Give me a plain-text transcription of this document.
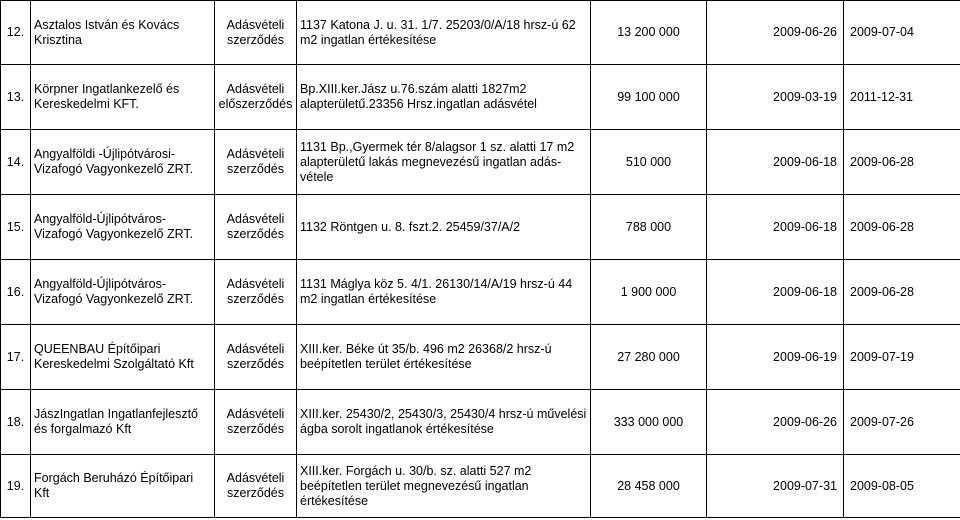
12.	Asztalos István és Kovács
Krisztina	Adásvételi
szerződés	1137 Katona J. u. 31. 1/7. 25203/0/A/18 hrsz-ú 62
m2 ingatlan értékesítése	13 200 000	2009-06-26	2009-07-04
13.	Körpner Ingatlankezelő és
Kereskedelmi KFT.	Adásvételi
előszerződés	Bp.XIII.ker.Jász u.76.szám alatti 1827m2
alapterületű.23356 Hrsz.ingatlan adásvétel	99 100 000	2009-03-19	2011-12-31
14.	Angyalföldi -Újlipótvárosi-
Vizafogó Vagyonkezelő ZRT.	Adásvételi
szerződés	1131 Bp.,Gyermek tér 8/alagsor 1 sz. alatti 17 m2
alapterületű lakás megnevezésű ingatlan adás-vétele	510 000	2009-06-18	2009-06-28
15.	Angyalföld-Újlipótváros-
Vizafogó Vagyonkezelő ZRT.	Adásvételi
szerződés	1132 Röntgen u. 8. fszt.2. 25459/37/A/2	788 000	2009-06-18	2009-06-28
16.	Angyalföld-Újlipótváros-
Vizafogó Vagyonkezelő ZRT.	Adásvételi
szerződés	1131 Máglya köz 5. 4/1. 26130/14/A/19 hrsz-ú 44
m2 ingatlan értékesítése	1 900 000	2009-06-18	2009-06-28
17.	QUEENBAU Építőipari
Kereskedelmi Szolgáltató Kft	Adásvételi
szerződés	XIII.ker. Béke út 35/b. 496 m2 26368/2 hrsz-ú
beépítetlen terület értékesítése	27 280 000	2009-06-19	2009-07-19
18.	JászIngatlan Ingatlanfejlesztő
és forgalmazó Kft	Adásvételi
szerződés	XIII.ker. 25430/2, 25430/3, 25430/4 hrsz-ú művelési
ágba sorolt ingatlanok értékesítése	333 000 000	2009-06-26	2009-07-26
19.	Forgách Beruházó Építőipari
Kft	Adásvételi
szerződés	XIII.ker. Forgách u. 30/b. sz. alatti 527 m2
beépítetlen terület megnevezésű ingatlan
értékesítése	28 458 000	2009-07-31	2009-08-05
